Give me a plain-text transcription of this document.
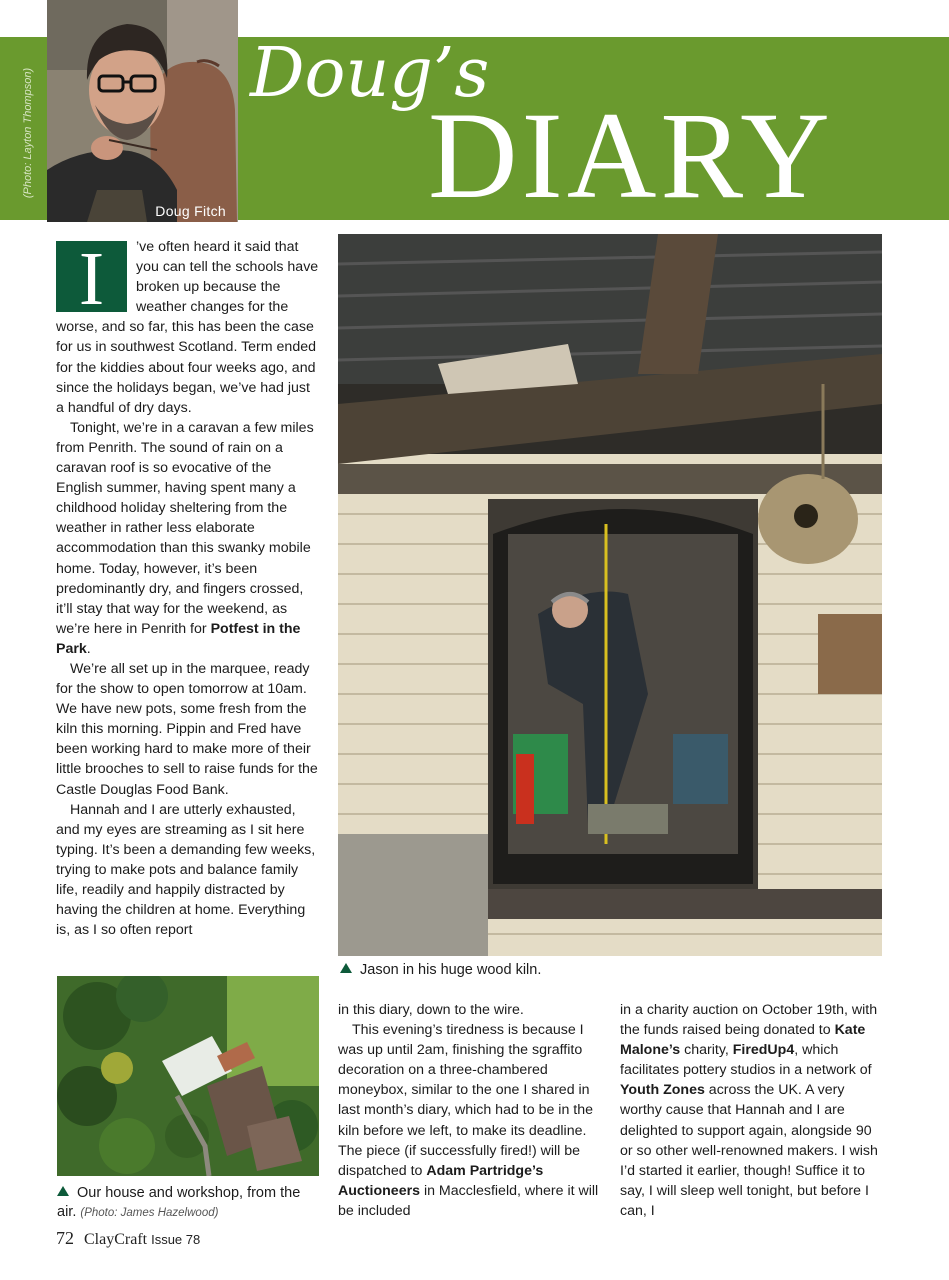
(Photo: Layton Thompson)
Doug Fitch
Doug’s
DIARY

I	’ve often heard it said that you can tell the schools have broken up because the weather changes for the worse, and so far, this has been the case for us in southwest Scotland. Term ended for the kiddies about four weeks ago, and since the holidays began, we’ve had just a handful of dry days.

Tonight, we’re in a caravan a few miles from Penrith. The sound of rain on a caravan roof is so evocative of the English summer, having spent many a childhood holiday sheltering from the weather in rather less elaborate accommodation than this swanky mobile home. Today, however, it’s been predominantly dry, and fingers crossed, it’ll stay that way for the weekend, as we’re here in Penrith for Potfest in the Park.

We’re all set up in the marquee, ready for the show to open tomorrow at 10am. We have new pots, some fresh from the kiln this morning. Pippin and Fred have been working hard to make more of their little brooches to sell to raise funds for the Castle Douglas Food Bank.

Hannah and I are utterly exhausted, and my eyes are streaming as I sit here typing. It’s been a demanding few weeks, trying to make pots and balance family life, readily and happily distracted by having the children at home. Everything is, as I so often report

Jason in his huge wood kiln.
Our house and workshop, from the air. (Photo: James Hazelwood)

in this diary, down to the wire.

This evening’s tiredness is because I was up until 2am, finishing the sgraffito decoration on a three-chambered moneybox, similar to the one I shared in last month’s diary, which had to be in the kiln before we left, to make its deadline. The piece (if successfully fired!) will be dispatched to Adam Partridge’s Auctioneers in Macclesfield, where it will be included

in a charity auction on October 19th, with the funds raised being donated to Kate Malone’s charity, FiredUp4, which facilitates pottery studios in a network of Youth Zones across the UK. A very worthy cause that Hannah and I are delighted to support again, alongside 90 or so other well-renowned makers. I wish I’d started it earlier, though! Suffice it to say, I will sleep well tonight, but before I can, I

72 ClayCraft Issue 78
